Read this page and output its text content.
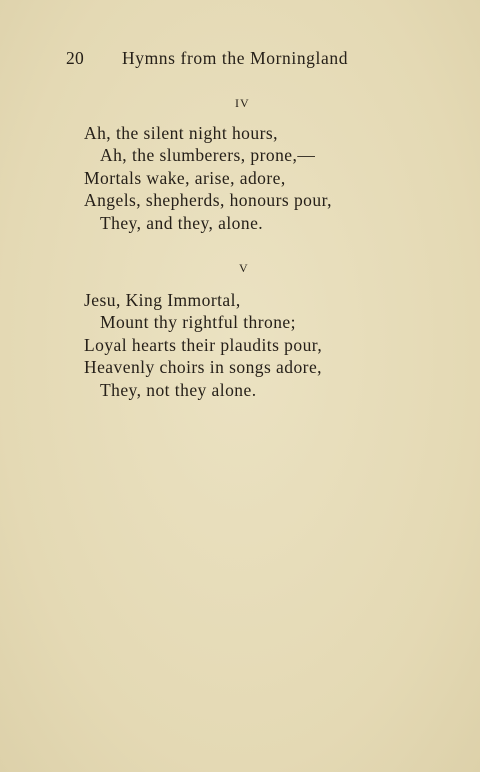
20 Hymns from the Morningland
IV
Ah, the silent night hours,
Ah, the slumberers, prone,—
Mortals wake, arise, adore,
Angels, shepherds, honours pour,
They, and they, alone.
V
Jesu, King Immortal,
Mount thy rightful throne;
Loyal hearts their plaudits pour,
Heavenly choirs in songs adore,
They, not they alone.
